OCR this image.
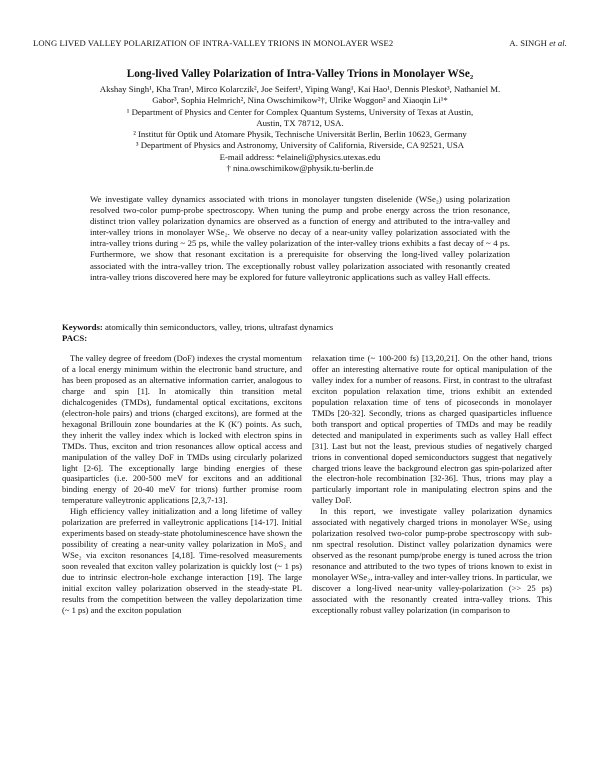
LONG LIVED VALLEY POLARIZATION OF INTRA-VALLEY TRIONS IN MONOLAYER WSE2	A. SINGH et al.
Long-lived Valley Polarization of Intra-Valley Trions in Monolayer WSe₂
Akshay Singh¹, Kha Tran¹, Mirco Kolarczik², Joe Seifert¹, Yiping Wang¹, Kai Hao¹, Dennis Pleskot³, Nathaniel M.
Gabor³, Sophia Helmrich², Nina Owschimikow²†, Ulrike Woggon² and Xiaoqin Li¹*
¹ Department of Physics and Center for Complex Quantum Systems, University of Texas at Austin,
Austin, TX 78712, USA.
² Institut für Optik und Atomare Physik, Technische Universität Berlin, Berlin 10623, Germany
³ Department of Physics and Astronomy, University of California, Riverside, CA 92521, USA
E-mail address: *elaineli@physics.utexas.edu
† nina.owschimikow@physik.tu-berlin.de
We investigate valley dynamics associated with trions in monolayer tungsten diselenide (WSe₂) using polarization resolved two-color pump-probe spectroscopy. When tuning the pump and probe energy across the trion resonance, distinct trion valley polarization dynamics are observed as a function of energy and attributed to the intra-valley and inter-valley trions in monolayer WSe₂. We observe no decay of a near-unity valley polarization associated with the intra-valley trions during ~ 25 ps, while the valley polarization of the inter-valley trions exhibits a fast decay of ~ 4 ps. Furthermore, we show that resonant excitation is a prerequisite for observing the long-lived valley polarization associated with the intra-valley trion. The exceptionally robust valley polarization associated with resonantly created intra-valley trions discovered here may be explored for future valleytronic applications such as valley Hall effects.
Keywords: atomically thin semiconductors, valley, trions, ultrafast dynamics
PACS:

The valley degree of freedom (DoF) indexes the crystal momentum of a local energy minimum within the electronic band structure, and has been proposed as an alternative information carrier, analogous to charge and spin [1]. In atomically thin transition metal dichalcogenides (TMDs), fundamental optical excitations, excitons (electron-hole pairs) and trions (charged excitons), are formed at the hexagonal Brillouin zone boundaries at the K (K′) points. As such, they inherit the valley index which is locked with electron spins in TMDs. Thus, exciton and trion resonances allow optical access and manipulation of the valley DoF in TMDs using circularly polarized light [2-6]. The exceptionally large binding energies of these quasiparticles (i.e. 200-500 meV for excitons and an additional binding energy of 20-40 meV for trions) further promise room temperature valleytronic applications [2,3,7-13].

High efficiency valley initialization and a long lifetime of valley polarization are preferred in valleytronic applications [14-17]. Initial experiments based on steady-state photoluminescence have shown the possibility of creating a near-unity valley polarization in MoS₂ and WSe₂ via exciton resonances [4,18]. Time-resolved measurements soon revealed that exciton valley polarization is quickly lost (~ 1 ps) due to intrinsic electron-hole exchange interaction [19]. The large initial exciton valley polarization observed in the steady-state PL results from the competition between the valley depolarization time (~ 1 ps) and the exciton population

relaxation time (~ 100-200 fs) [13,20,21]. On the other hand, trions offer an interesting alternative route for optical manipulation of the valley index for a number of reasons. First, in contrast to the ultrafast exciton population relaxation time, trions exhibit an extended population relaxation time of tens of picoseconds in monolayer TMDs [20-32]. Secondly, trions as charged quasiparticles influence both transport and optical properties of TMDs and may be readily detected and manipulated in experiments such as valley Hall effect [31]. Last but not the least, previous studies of negatively charged trions in conventional doped semiconductors suggest that negatively charged trions leave the background electron gas spin-polarized after the electron-hole recombination [32-36]. Thus, trions may play a particularly important role in manipulating electron spins and the valley DoF.

In this report, we investigate valley polarization dynamics associated with negatively charged trions in monolayer WSe₂ using polarization resolved two-color pump-probe spectroscopy with sub-nm spectral resolution. Distinct valley polarization dynamics were observed as the resonant pump/probe energy is tuned across the trion resonance and attributed to the two types of trions known to exist in monolayer WSe₂, intra-valley and inter-valley trions. In particular, we discover a long-lived near-unity valley-polarization (>> 25 ps) associated with the resonantly created intra-valley trions. This exceptionally robust valley polarization (in comparison to
